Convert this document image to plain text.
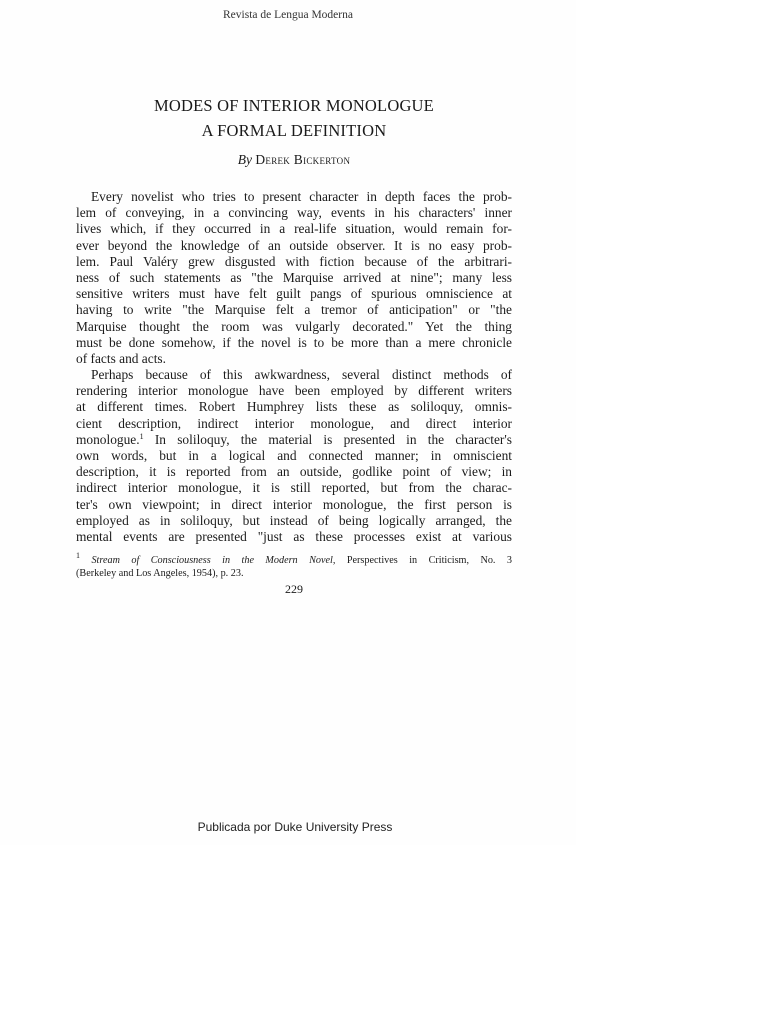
Revista de Lengua Moderna
MODES OF INTERIOR MONOLOGUE
A FORMAL DEFINITION
By Derek Bickerton
Every novelist who tries to present character in depth faces the prob-
lem of conveying, in a convincing way, events in his characters' inner
lives which, if they occurred in a real-life situation, would remain for-
ever beyond the knowledge of an outside observer. It is no easy prob-
lem. Paul Valéry grew disgusted with fiction because of the arbitrari-
ness of such statements as "the Marquise arrived at nine"; many less
sensitive writers must have felt guilt pangs of spurious omniscience at
having to write "the Marquise felt a tremor of anticipation" or "the
Marquise thought the room was vulgarly decorated." Yet the thing
must be done somehow, if the novel is to be more than a mere chronicle
of facts and acts.
Perhaps because of this awkwardness, several distinct methods of
rendering interior monologue have been employed by different writers
at different times. Robert Humphrey lists these as soliloquy, omnis-
cient description, indirect interior monologue, and direct interior
monologue.$^1$ In soliloquy, the material is presented in the character's
own words, but in a logical and connected manner; in omniscient
description, it is reported from an outside, godlike point of view; in
indirect interior monologue, it is still reported, but from the charac-
ter's own viewpoint; in direct interior monologue, the first person is
employed as in soliloquy, but instead of being logically arranged, the
mental events are presented "just as these processes exist at various
$^1$ Stream of Consciousness in the Modern Novel, Perspectives in Criticism, No. 3
(Berkeley and Los Angeles, 1954), p. 23.
229
Publicada por Duke University Press
